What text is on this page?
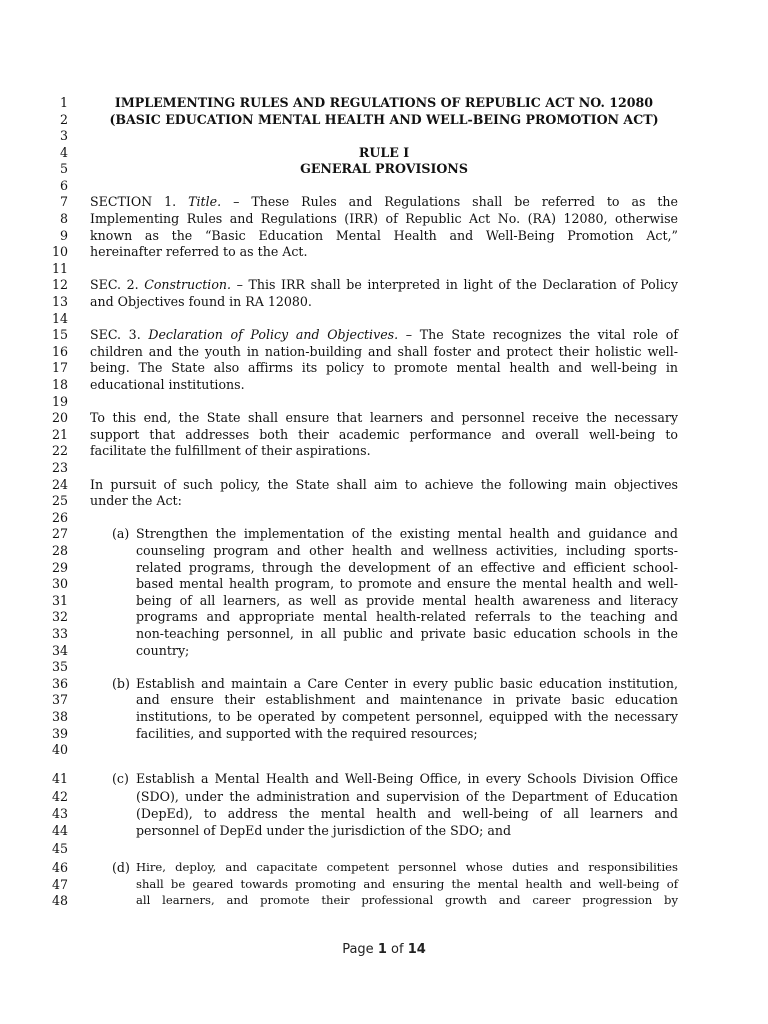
1	IMPLEMENTING RULES AND REGULATIONS OF REPUBLIC ACT NO. 12080
2	(BASIC EDUCATION MENTAL HEALTH AND WELL-BEING PROMOTION ACT)
3
4	RULE I
5	GENERAL PROVISIONS
6
7 SECTION 1. Title. – These Rules and Regulations shall be referred to as the
8 Implementing Rules and Regulations (IRR) of Republic Act No. (RA) 12080, otherwise
9 known as the “Basic Education Mental Health and Well-Being Promotion Act,”
10 hereinafter referred to as the Act.
11
12 SEC. 2. Construction. – This IRR shall be interpreted in light of the Declaration of Policy
13 and Objectives found in RA 12080.
14
15 SEC. 3. Declaration of Policy and Objectives. – The State recognizes the vital role of
16 children and the youth in nation-building and shall foster and protect their holistic well-
17 being. The State also affirms its policy to promote mental health and well-being in
18 educational institutions.
19
20 To this end, the State shall ensure that learners and personnel receive the necessary
21 support that addresses both their academic performance and overall well-being to
22 facilitate the fulfillment of their aspirations.
23
24 In pursuit of such policy, the State shall aim to achieve the following main objectives
25 under the Act:
26
27	(a) Strengthen the implementation of the existing mental health and guidance and
28	counseling program and other health and wellness activities, including sports-
29	related programs, through the development of an effective and efficient school-
30	based mental health program, to promote and ensure the mental health and well-
31	being of all learners, as well as provide mental health awareness and literacy
32	programs and appropriate mental health-related referrals to the teaching and
33	non-teaching personnel, in all public and private basic education schools in the
34	country;
35
36	(b) Establish and maintain a Care Center in every public basic education institution,
37	and ensure their establishment and maintenance in private basic education
38	institutions, to be operated by competent personnel, equipped with the necessary
39	facilities, and supported with the required resources;
40
41	(c) Establish a Mental Health and Well-Being Office, in every Schools Division Office
42	(SDO), under the administration and supervision of the Department of Education
43	(DepEd), to address the mental health and well-being of all learners and
44	personnel of DepEd under the jurisdiction of the SDO; and
45
46	(d) Hire, deploy, and capacitate competent personnel whose duties and responsibilities
47	shall be geared towards promoting and ensuring the mental health and well-being of
48	all learners, and promote their professional growth and career progression by
Page 1 of 14
